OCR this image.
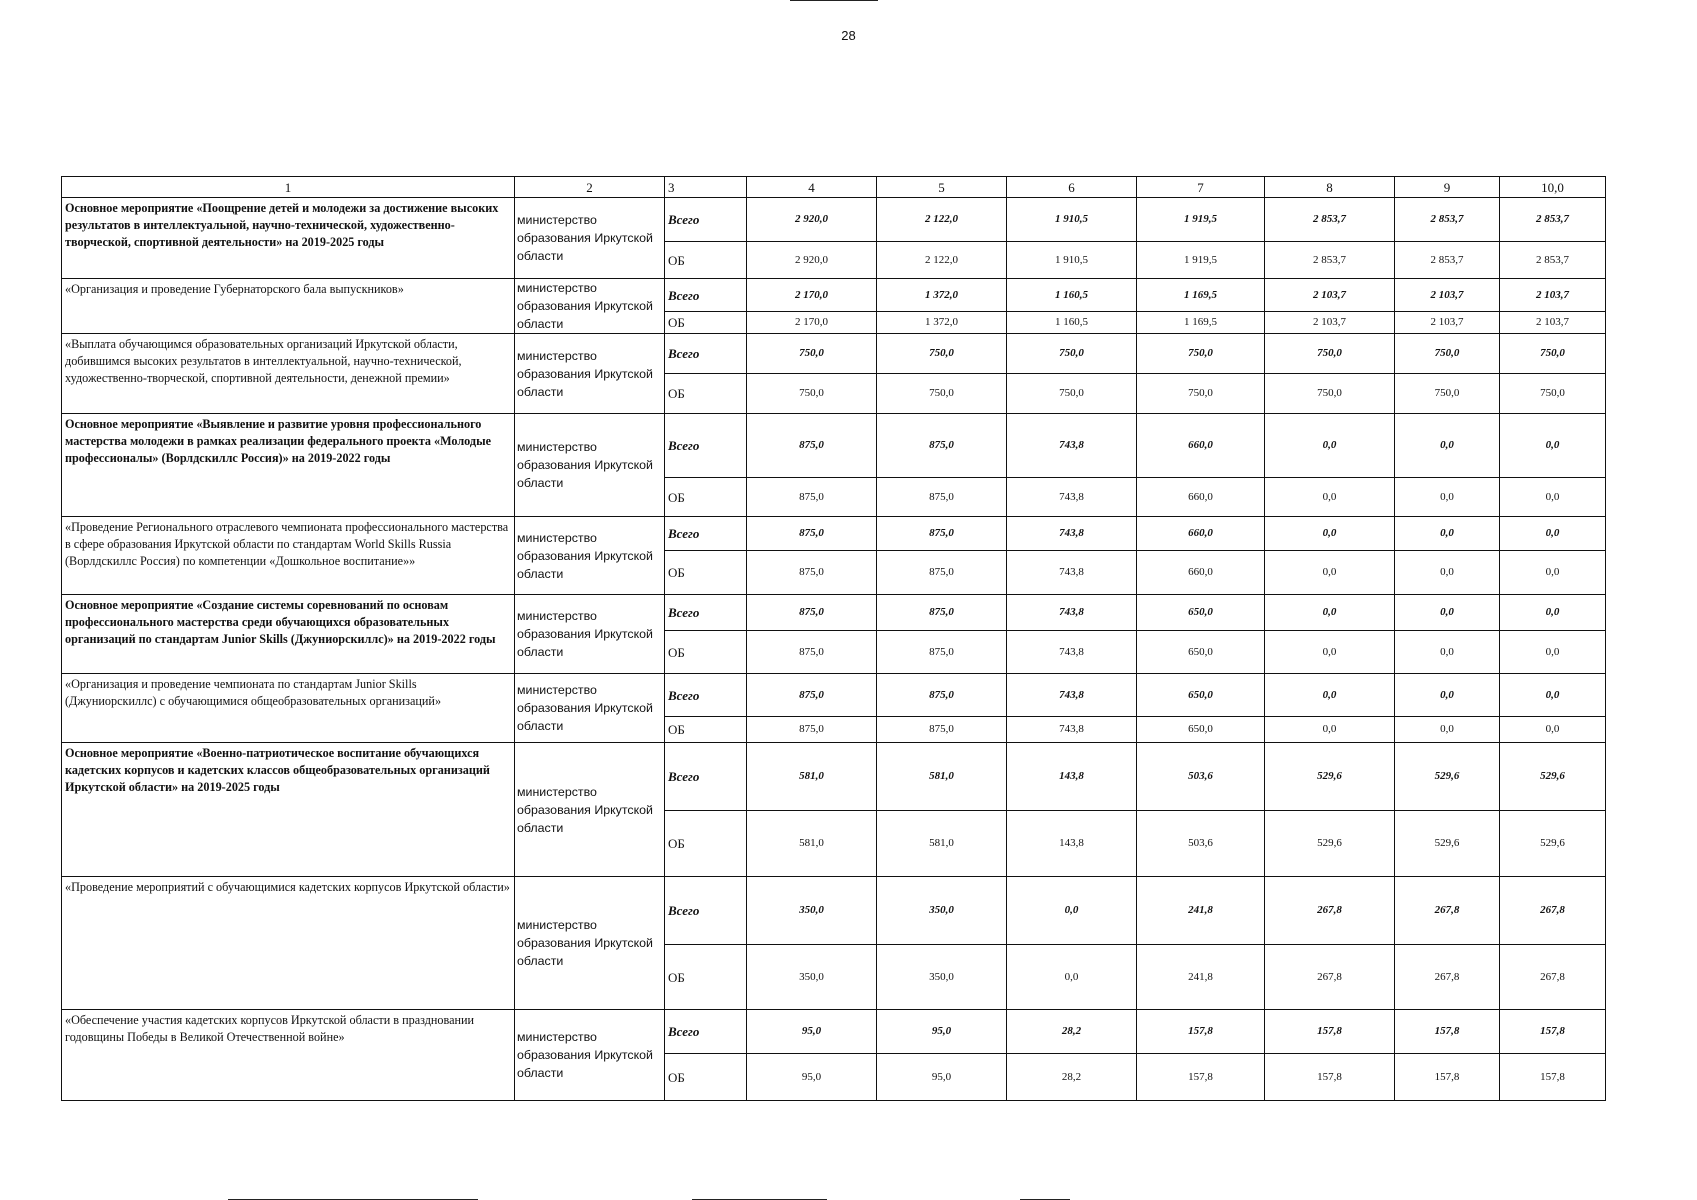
28
1	2	3	4	5	6	7	8	9	10,0
Основное мероприятие «Поощрение детей и молодежи за достижение высоких результатов в интеллектуальной, научно-технической, художественно-творческой, спортивной деятельности» на 2019-2025 годы	министерство образования Иркутской области	Всего	2 920,0	2 122,0	1 910,5	1 919,5	2 853,7	2 853,7	2 853,7
		ОБ	2 920,0	2 122,0	1 910,5	1 919,5	2 853,7	2 853,7	2 853,7
«Организация и проведение Губернаторского бала выпускников»	министерство образования Иркутской области	Всего	2 170,0	1 372,0	1 160,5	1 169,5	2 103,7	2 103,7	2 103,7
		ОБ	2 170,0	1 372,0	1 160,5	1 169,5	2 103,7	2 103,7	2 103,7
«Выплата обучающимся образовательных организаций Иркутской области, добившимся высоких результатов в интеллектуальной, научно-технической, художественно-творческой, спортивной деятельности, денежной премии»	министерство образования Иркутской области	Всего	750,0	750,0	750,0	750,0	750,0	750,0	750,0
		ОБ	750,0	750,0	750,0	750,0	750,0	750,0	750,0
Основное мероприятие «Выявление и развитие уровня профессионального мастерства молодежи в рамках реализации федерального проекта «Молодые профессионалы» (Ворлдскиллс Россия)» на 2019-2022 годы	министерство образования Иркутской области	Всего	875,0	875,0	743,8	660,0	0,0	0,0	0,0
		ОБ	875,0	875,0	743,8	660,0	0,0	0,0	0,0
«Проведение Регионального отраслевого чемпионата профессионального мастерства в сфере образования Иркутской области по стандартам World Skills Russia (Ворлдскиллс Россия) по компетенции «Дошкольное воспитание»»	министерство образования Иркутской области	Всего	875,0	875,0	743,8	660,0	0,0	0,0	0,0
		ОБ	875,0	875,0	743,8	660,0	0,0	0,0	0,0
Основное мероприятие «Создание системы соревнований по основам профессионального мастерства среди обучающихся образовательных организаций по стандартам Junior Skills (Джуниорскиллс)» на 2019-2022 годы	министерство образования Иркутской области	Всего	875,0	875,0	743,8	650,0	0,0	0,0	0,0
		ОБ	875,0	875,0	743,8	650,0	0,0	0,0	0,0
«Организация и проведение чемпионата по стандартам Junior Skills (Джуниорскиллс) с обучающимися общеобразовательных организаций»	министерство образования Иркутской области	Всего	875,0	875,0	743,8	650,0	0,0	0,0	0,0
		ОБ	875,0	875,0	743,8	650,0	0,0	0,0	0,0
Основное мероприятие «Военно-патриотическое воспитание обучающихся кадетских корпусов и кадетских классов общеобразовательных организаций Иркутской области» на 2019-2025 годы	министерство образования Иркутской области	Всего	581,0	581,0	143,8	503,6	529,6	529,6	529,6
		ОБ	581,0	581,0	143,8	503,6	529,6	529,6	529,6
«Проведение мероприятий с обучающимися кадетских корпусов Иркутской области»	министерство образования Иркутской области	Всего	350,0	350,0	0,0	241,8	267,8	267,8	267,8
		ОБ	350,0	350,0	0,0	241,8	267,8	267,8	267,8
«Обеспечение участия кадетских корпусов Иркутской области в праздновании годовщины Победы в Великой Отечественной войне»	министерство образования Иркутской области	Всего	95,0	95,0	28,2	157,8	157,8	157,8	157,8
		ОБ	95,0	95,0	28,2	157,8	157,8	157,8	157,8
